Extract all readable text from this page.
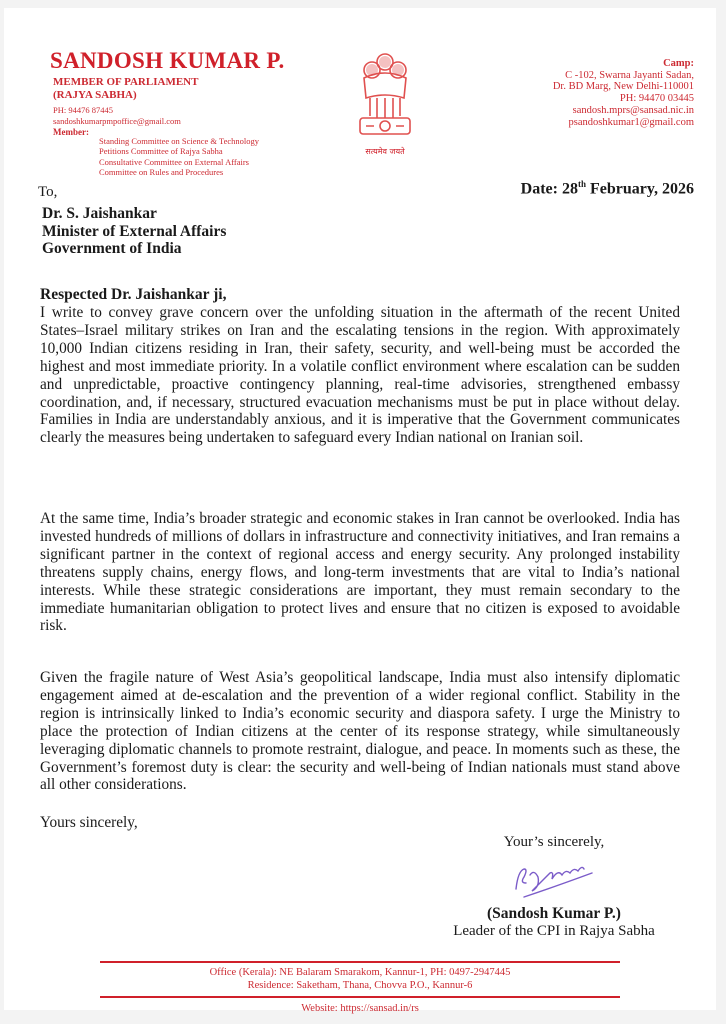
SANDOSH KUMAR P.
MEMBER OF PARLIAMENT
(RAJYA SABHA)
PH: 94476 87445
sandoshkumarpmpoffice@gmail.com
Member:
Standing Committee on Science & Technology
Petitions Committee of Rajya Sabha
Consultative Committee on External Affairs
Committee on Rules and Procedures
सत्यमेव जयते
Camp:
C -102, Swarna Jayanti Sadan,
Dr. BD Marg, New Delhi-110001
PH: 94470 03445
sandosh.mprs@sansad.nic.in
psandoshkumar1@gmail.com
Date: 28th February, 2026
To,
Dr. S. Jaishankar
Minister of External Affairs
Government of India
Respected Dr. Jaishankar ji,
I write to convey grave concern over the unfolding situation in the aftermath of the recent United States–Israel military strikes on Iran and the escalating tensions in the region. With approximately 10,000 Indian citizens residing in Iran, their safety, security, and well-being must be accorded the highest and most immediate priority. In a volatile conflict environment where escalation can be sudden and unpredictable, proactive contingency planning, real-time advisories, strengthened embassy coordination, and, if necessary, structured evacuation mechanisms must be put in place without delay. Families in India are understandably anxious, and it is imperative that the Government communicates clearly the measures being undertaken to safeguard every Indian national on Iranian soil.
At the same time, India’s broader strategic and economic stakes in Iran cannot be overlooked. India has invested hundreds of millions of dollars in infrastructure and connectivity initiatives, and Iran remains a significant partner in the context of regional access and energy security. Any prolonged instability threatens supply chains, energy flows, and long-term investments that are vital to India’s national interests. While these strategic considerations are important, they must remain secondary to the immediate humanitarian obligation to protect lives and ensure that no citizen is exposed to avoidable risk.
Given the fragile nature of West Asia’s geopolitical landscape, India must also intensify diplomatic engagement aimed at de-escalation and the prevention of a wider regional conflict. Stability in the region is intrinsically linked to India’s economic security and diaspora safety. I urge the Ministry to place the protection of Indian citizens at the center of its response strategy, while simultaneously leveraging diplomatic channels to promote restraint, dialogue, and peace. In moments such as these, the Government’s foremost duty is clear: the security and well-being of Indian nationals must stand above all other considerations.
Yours sincerely,
Your’s sincerely,
(Sandosh Kumar P.)
Leader of the CPI in Rajya Sabha
Office (Kerala): NE Balaram Smarakom, Kannur-1, PH: 0497-2947445
Residence: Saketham, Thana, Chovva P.O., Kannur-6
Website: https://sansad.in/rs
